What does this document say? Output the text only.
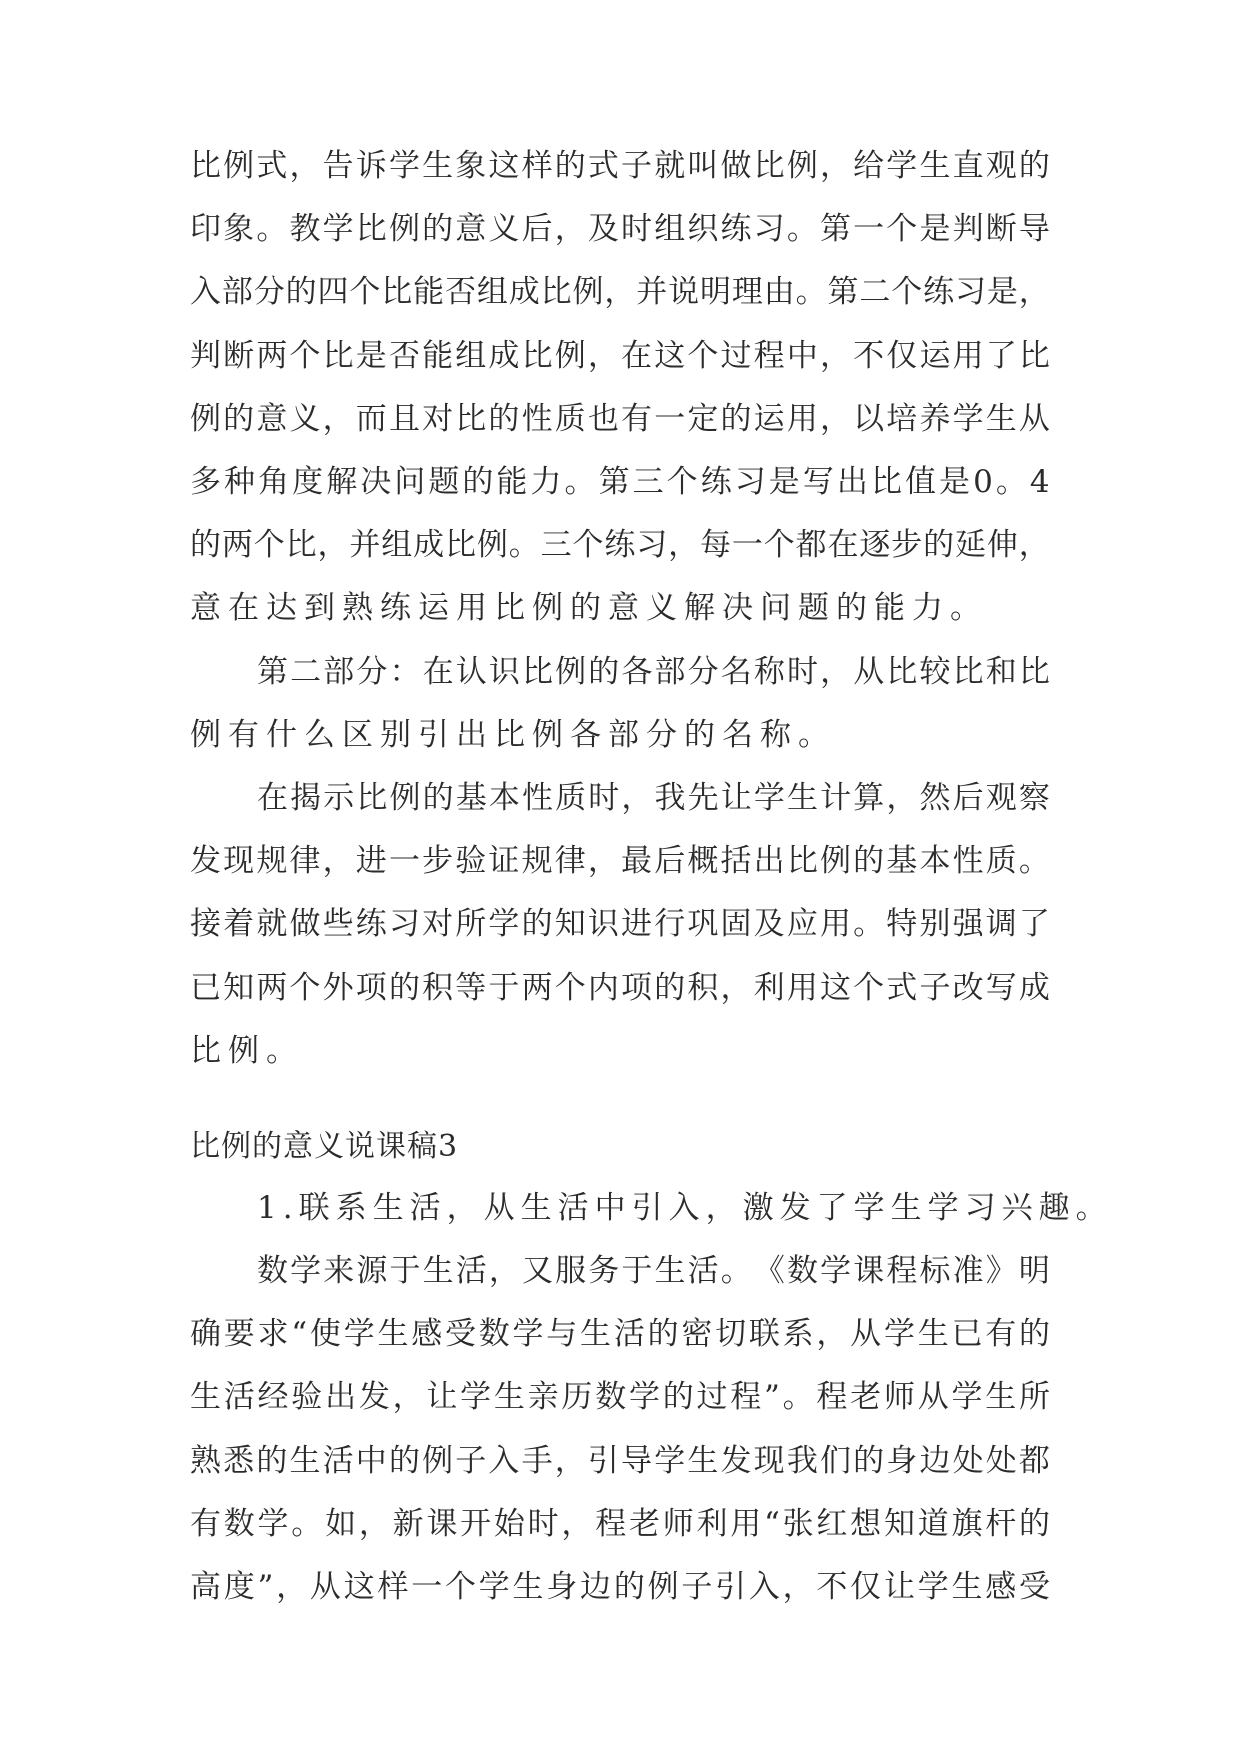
比 例 式 ， 告 诉 学 生 象 这 样 的 式 子 就 叫 做 比 例 ， 给 学 生 直 观 的
印 象 。 教 学 比 例 的 意 义 后 ， 及 时 组 织 练 习 。 第 一 个 是 判 断 导
入 部 分 的 四 个 比 能 否 组 成 比 例 ， 并 说 明 理 由 。 第 二 个 练 习 是 ，
判 断 两 个 比 是 否 能 组 成 比 例 ， 在 这 个 过 程 中 ， 不 仅 运 用 了 比
例 的 意 义 ， 而 且 对 比 的 性 质 也 有 一 定 的 运 用 ， 以 培 养 学 生 从
多 种 角 度 解 决 问 题 的 能 力 。 第 三 个 练 习 是 写 出 比 值 是 0 。 4
的 两 个 比 ， 并 组 成 比 例 。 三 个 练 习 ， 每 一 个 都 在 逐 步 的 延 伸 ，
意在达到熟练运用比例的意义解决问题的能力。
第 二 部 分 ： 在 认 识 比 例 的 各 部 分 名 称 时 ， 从 比 较 比 和 比
例有什么区别引出比例各部分的名称。
在 揭 示 比 例 的 基 本 性 质 时 ， 我 先 让 学 生 计 算 ， 然 后 观 察
发 现 规 律 ， 进 一 步 验 证 规 律 ， 最 后 概 括 出 比 例 的 基 本 性 质 。
接 着 就 做 些 练 习 对 所 学 的 知 识 进 行 巩 固 及 应 用 。 特 别 强 调 了
已 知 两 个 外 项 的 积 等 于 两 个 内 项 的 积 ， 利 用 这 个 式 子 改 写 成
比例。
比例的意义说课稿3
1.联系生活，从生活中引入，激发了学生学习兴趣。
数 学 来 源 于 生 活 ， 又 服 务 于 生 活 。 《 数 学 课 程 标 准 》 明
确 要 求 “ 使 学 生 感 受 数 学 与 生 活 的 密 切 联 系 ， 从 学 生 已 有 的
生 活 经 验 出 发 ， 让 学 生 亲 历 数 学 的 过 程 ” 。 程 老 师 从 学 生 所
熟 悉 的 生 活 中 的 例 子 入 手 ， 引 导 学 生 发 现 我 们 的 身 边 处 处 都
有 数 学 。 如 ， 新 课 开 始 时 ， 程 老 师 利 用 “ 张 红 想 知 道 旗 杆 的
高 度 ” ， 从 这 样 一 个 学 生 身 边 的 例 子 引 入 ， 不 仅 让 学 生 感 受
